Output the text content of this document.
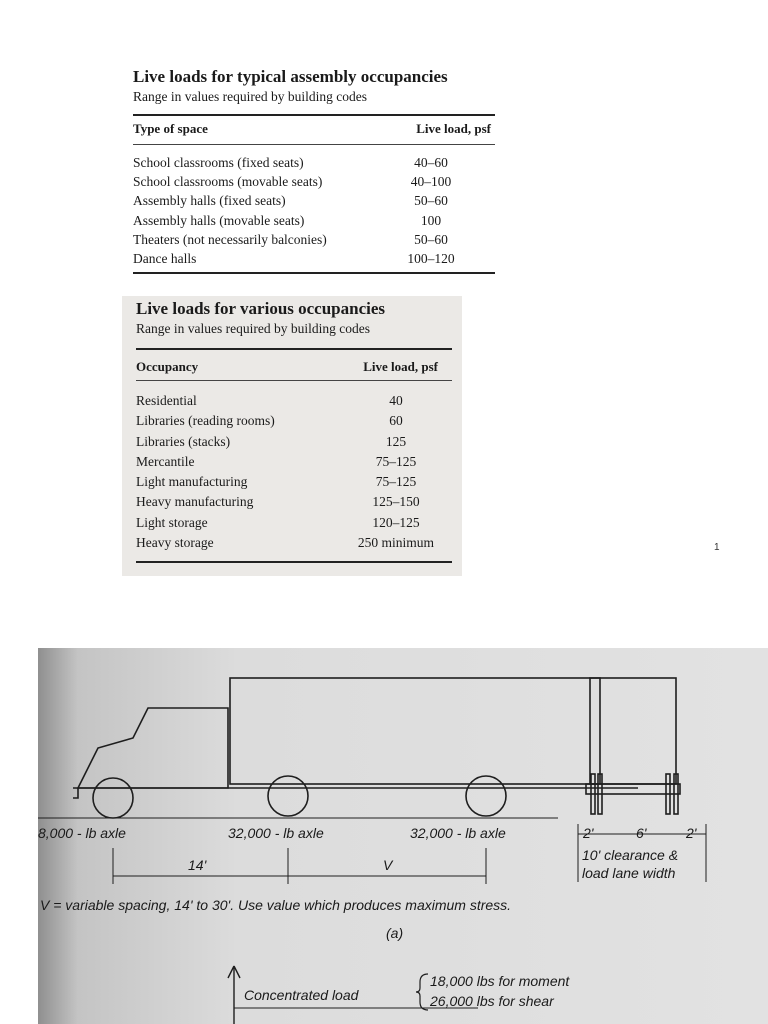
Live loads for typical assembly occupancies
Range in values required by building codes
Type of space	Live load, psf
School classrooms (fixed seats)	40–60
School classrooms (movable seats)	40–100
Assembly halls (fixed seats)	50–60
Assembly halls (movable seats)	100
Theaters (not necessarily balconies)	50–60
Dance halls	100–120
Live loads for various occupancies
Range in values required by building codes
Occupancy	Live load, psf
Residential	40
Libraries (reading rooms)	60
Libraries (stacks)	125
Mercantile	75–125
Light manufacturing	75–125
Heavy manufacturing	125–150
Light storage	120–125
Heavy storage	250 minimum	1
8,000 - lb axle	32,000 - lb axle	32,000 - lb axle
14'	V
2'	6'	2'
10' clearance &
load lane width
V = variable spacing, 14' to 30'. Use value which produces maximum stress.
(a)
Concentrated load
18,000 lbs for moment
26,000 lbs for shear
